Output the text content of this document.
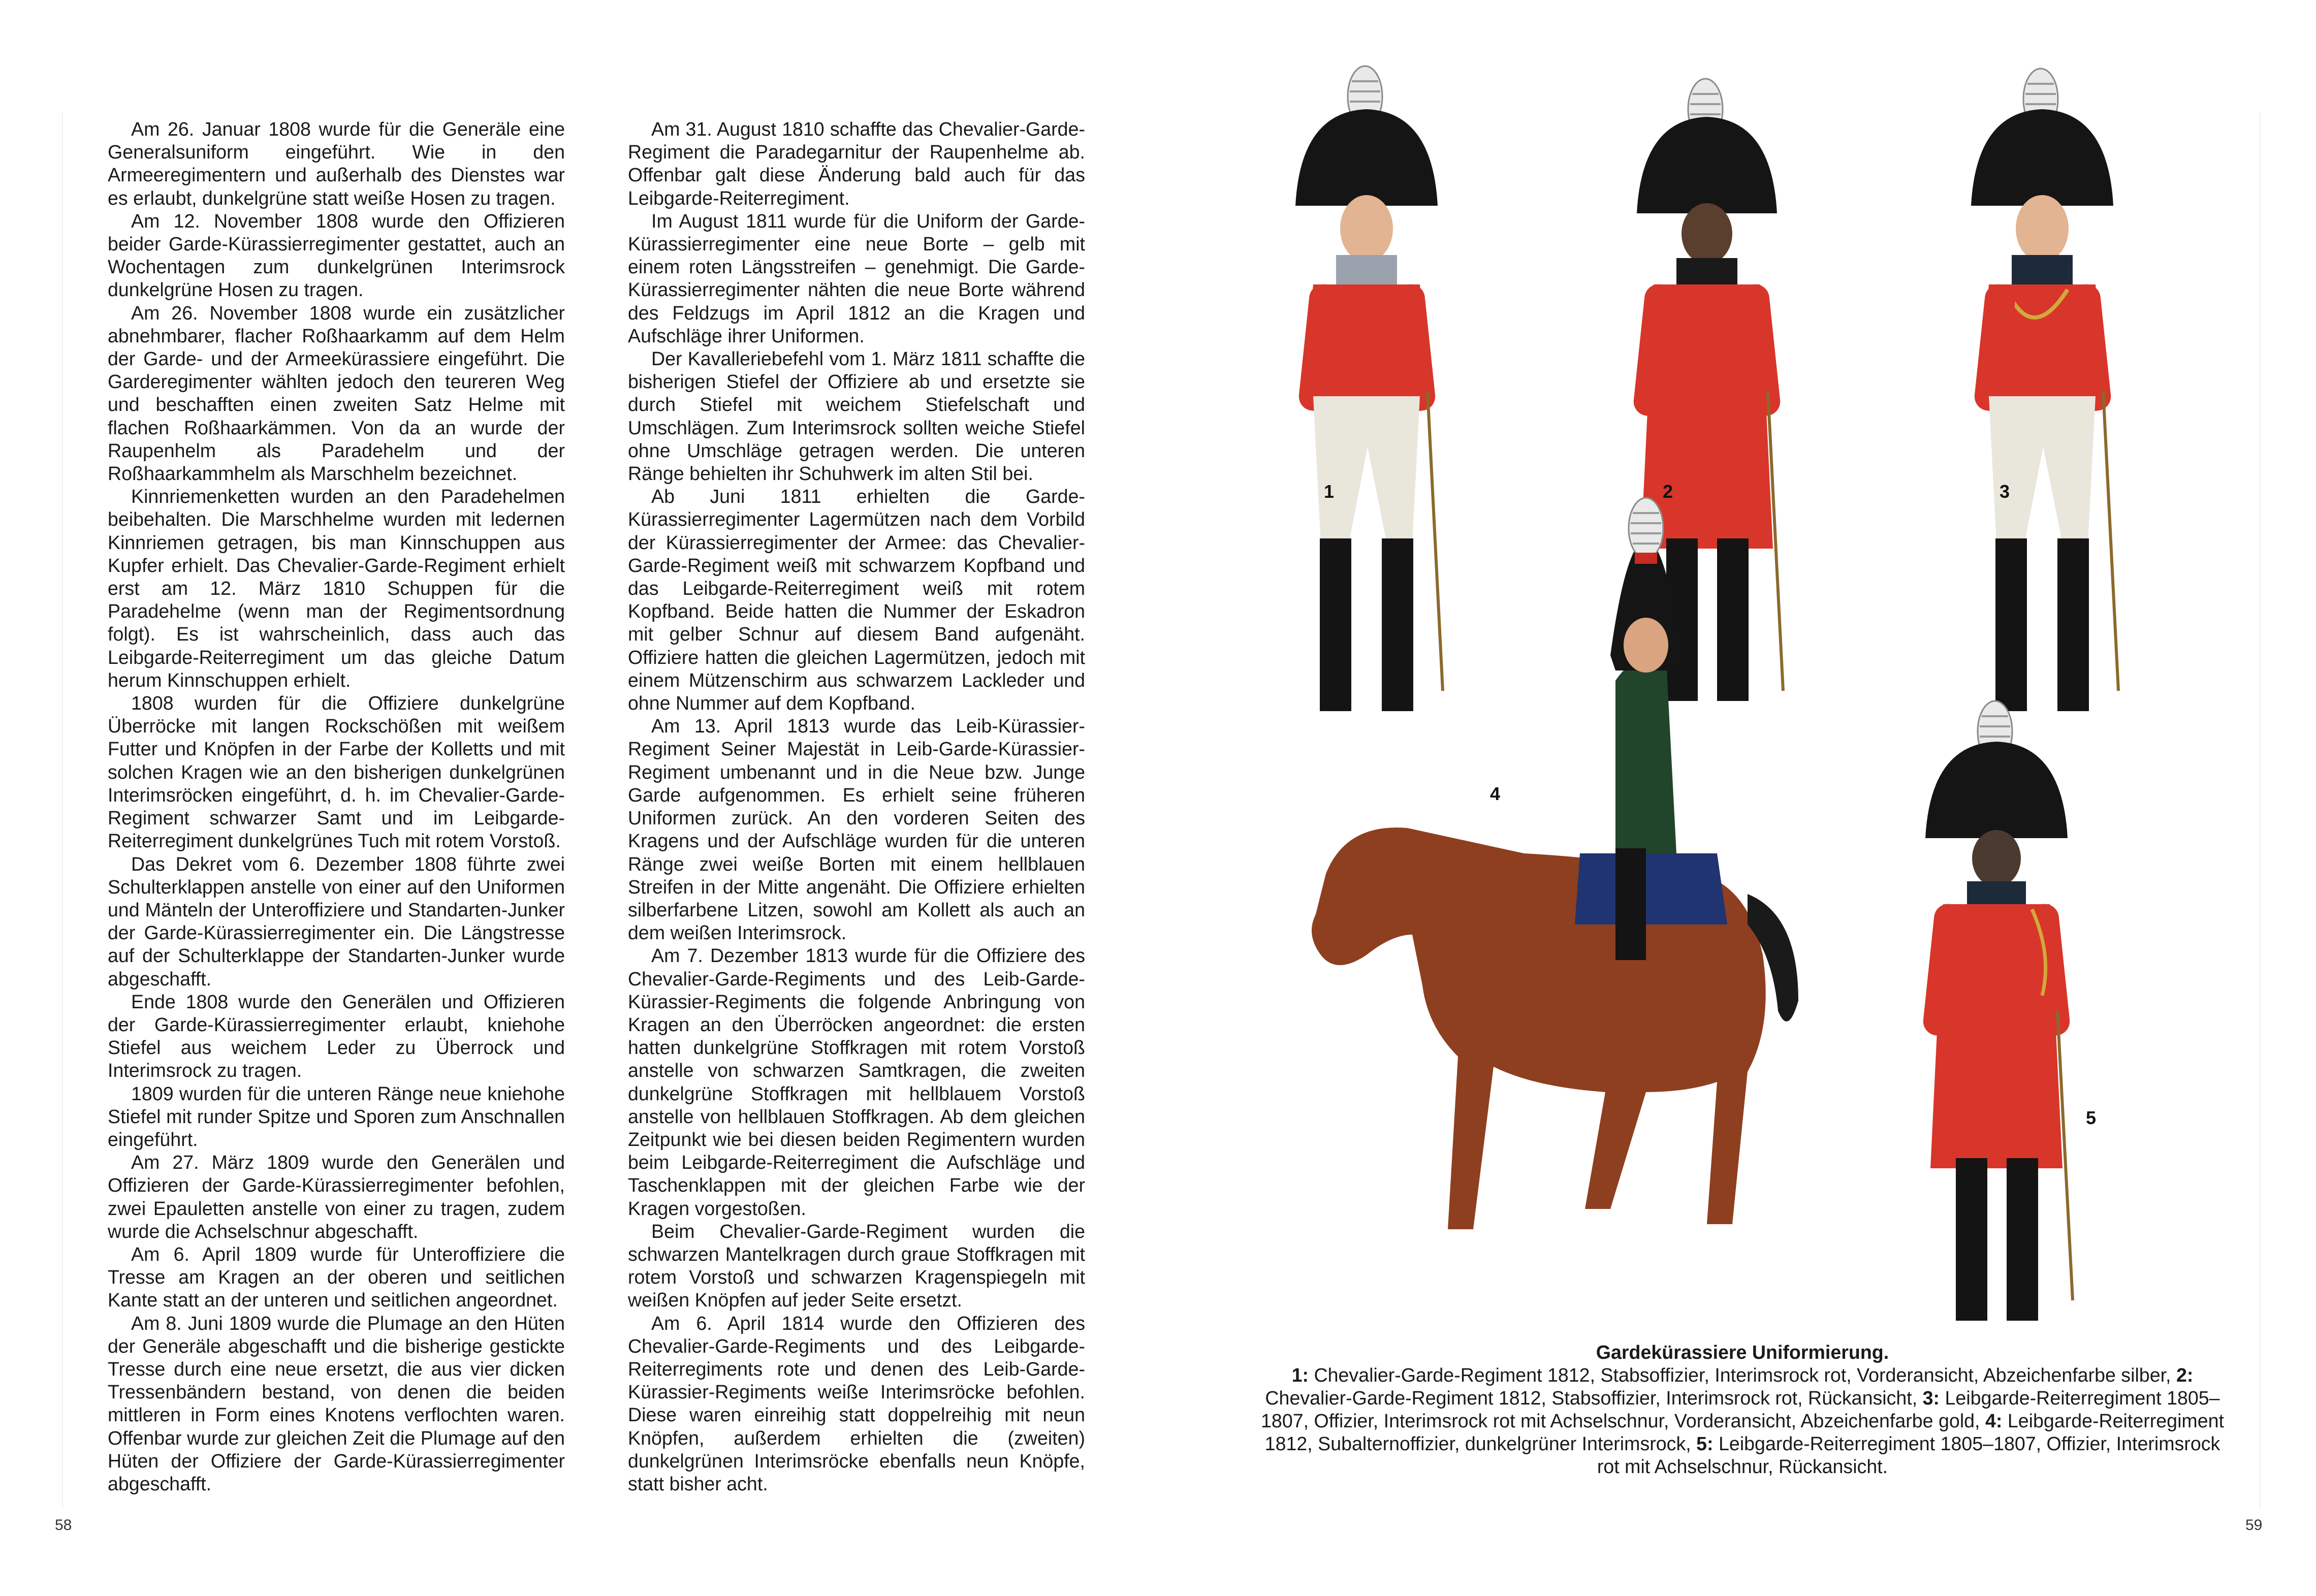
Am 26. Januar 1808 wurde für die Generäle eine Generalsuniform eingeführt. Wie in den Armeeregimentern und außerhalb des Dienstes war es erlaubt, dunkelgrüne statt weiße Hosen zu tragen.

Am 12. November 1808 wurde den Offizieren beider Garde-Kürassierregimenter gestattet, auch an Wochentagen zum dunkelgrünen Interimsrock dunkelgrüne Hosen zu tragen.

Am 26. November 1808 wurde ein zusätzlicher abnehmbarer, flacher Roßhaarkamm auf dem Helm der Garde- und der Armeekürassiere eingeführt. Die Garderegimenter wählten jedoch den teureren Weg und beschafften einen zweiten Satz Helme mit flachen Roßhaarkämmen. Von da an wurde der Raupenhelm als Paradehelm und der Roßhaarkammhelm als Marschhelm bezeichnet.

Kinnriemenketten wurden an den Paradehelmen beibehalten. Die Marschhelme wurden mit ledernen Kinnriemen getragen, bis man Kinnschuppen aus Kupfer erhielt. Das Chevalier-Garde-Regiment erhielt erst am 12. März 1810 Schuppen für die Paradehelme (wenn man der Regimentsordnung folgt). Es ist wahrscheinlich, dass auch das Leibgarde-Reiterregiment um das gleiche Datum herum Kinnschuppen erhielt.

1808 wurden für die Offiziere dunkelgrüne Überröcke mit langen Rockschößen mit weißem Futter und Knöpfen in der Farbe der Kolletts und mit solchen Kragen wie an den bisherigen dunkelgrünen Interimsröcken eingeführt, d. h. im Chevalier-Garde-Regiment schwarzer Samt und im Leibgarde-Reiterregiment dunkelgrünes Tuch mit rotem Vorstoß.

Das Dekret vom 6. Dezember 1808 führte zwei Schulterklappen anstelle von einer auf den Uniformen und Mänteln der Unteroffiziere und Standarten-Junker der Garde-Kürassierregimenter ein. Die Längstresse auf der Schulterklappe der Standarten-Junker wurde abgeschafft.

Ende 1808 wurde den Generälen und Offizieren der Garde-Kürassierregimenter erlaubt, kniehohe Stiefel aus weichem Leder zu Überrock und Interimsrock zu tragen.

1809 wurden für die unteren Ränge neue kniehohe Stiefel mit runder Spitze und Sporen zum Anschnallen eingeführt.

Am 27. März 1809 wurde den Generälen und Offizieren der Garde-Kürassierregimenter befohlen, zwei Epauletten anstelle von einer zu tragen, zudem wurde die Achselschnur abgeschafft.

Am 6. April 1809 wurde für Unteroffiziere die Tresse am Kragen an der oberen und seitlichen Kante statt an der unteren und seitlichen angeordnet.

Am 8. Juni 1809 wurde die Plumage an den Hüten der Generäle abgeschafft und die bisherige gestickte Tresse durch eine neue ersetzt, die aus vier dicken Tressenbändern bestand, von denen die beiden mittleren in Form eines Knotens verflochten waren. Offenbar wurde zur gleichen Zeit die Plumage auf den Hüten der Offiziere der Garde-Kürassierregimenter abgeschafft.

Am 31. August 1810 schaffte das Chevalier-Garde-Regiment die Paradegarnitur der Raupenhelme ab. Offenbar galt diese Änderung bald auch für das Leibgarde-Reiterregiment.

Im August 1811 wurde für die Uniform der Garde-Kürassierregimenter eine neue Borte – gelb mit einem roten Längsstreifen – genehmigt. Die Garde-Kürassierregimenter nähten die neue Borte während des Feldzugs im April 1812 an die Kragen und Aufschläge ihrer Uniformen.

Der Kavalleriebefehl vom 1. März 1811 schaffte die bisherigen Stiefel der Offiziere ab und ersetzte sie durch Stiefel mit weichem Stiefelschaft und Umschlägen. Zum Interimsrock sollten weiche Stiefel ohne Umschläge getragen werden. Die unteren Ränge behielten ihr Schuhwerk im alten Stil bei.

Ab Juni 1811 erhielten die Garde-Kürassierregimenter Lagermützen nach dem Vorbild der Kürassierregimenter der Armee: das Chevalier-Garde-Regiment weiß mit schwarzem Kopfband und das Leibgarde-Reiterregiment weiß mit rotem Kopfband. Beide hatten die Nummer der Eskadron mit gelber Schnur auf diesem Band aufgenäht. Offiziere hatten die gleichen Lagermützen, jedoch mit einem Mützenschirm aus schwarzem Lackleder und ohne Nummer auf dem Kopfband.

Am 13. April 1813 wurde das Leib-Kürassier-Regiment Seiner Majestät in Leib-Garde-Kürassier-Regiment umbenannt und in die Neue bzw. Junge Garde aufgenommen. Es erhielt seine früheren Uniformen zurück. An den vorderen Seiten des Kragens und der Aufschläge wurden für die unteren Ränge zwei weiße Borten mit einem hellblauen Streifen in der Mitte angenäht. Die Offiziere erhielten silberfarbene Litzen, sowohl am Kollett als auch an dem weißen Interimsrock.

Am 7. Dezember 1813 wurde für die Offiziere des Chevalier-Garde-Regiments und des Leib-Garde-Kürassier-Regiments die folgende Anbringung von Kragen an den Überröcken angeordnet: die ersten hatten dunkelgrüne Stoffkragen mit rotem Vorstoß anstelle von schwarzen Samtkragen, die zweiten dunkelgrüne Stoffkragen mit hellblauem Vorstoß anstelle von hellblauen Stoffkragen. Ab dem gleichen Zeitpunkt wie bei diesen beiden Regimentern wurden beim Leibgarde-Reiterregiment die Aufschläge und Taschenklappen mit der gleichen Farbe wie der Kragen vorgestoßen.

Beim Chevalier-Garde-Regiment wurden die schwarzen Mantelkragen durch graue Stoffkragen mit rotem Vorstoß und schwarzen Kragenspiegeln mit weißen Knöpfen auf jeder Seite ersetzt.

Am 6. April 1814 wurde den Offizieren des Chevalier-Garde-Regiments und des Leibgarde-Reiterregiments rote und denen des Leib-Garde-Kürassier-Regiments weiße Interimsröcke befohlen. Diese waren einreihig statt doppelreihig mit neun Knöpfen, außerdem erhielten die (zweiten) dunkelgrünen Interimsröcke ebenfalls neun Knöpfe, statt bisher acht.

58	59
1	2	3
4
5
Gardekürassiere Uniformierung.
1: Chevalier-Garde-Regiment 1812, Stabsoffizier, Interimsrock rot, Vorderansicht, Abzeichenfarbe silber, 2: Chevalier-Garde-Regiment 1812, Stabsoffizier, Interimsrock rot, Rückansicht, 3: Leibgarde-Reiterregiment 1805–1807, Offizier, Interimsrock rot mit Achselschnur, Vorderansicht, Abzeichenfarbe gold, 4: Leibgarde-Reiterregiment 1812, Subalternoffizier, dunkelgrüner Interimsrock, 5: Leibgarde-Reiterregiment 1805–1807, Offizier, Interimsrock rot mit Achselschnur, Rückansicht.
